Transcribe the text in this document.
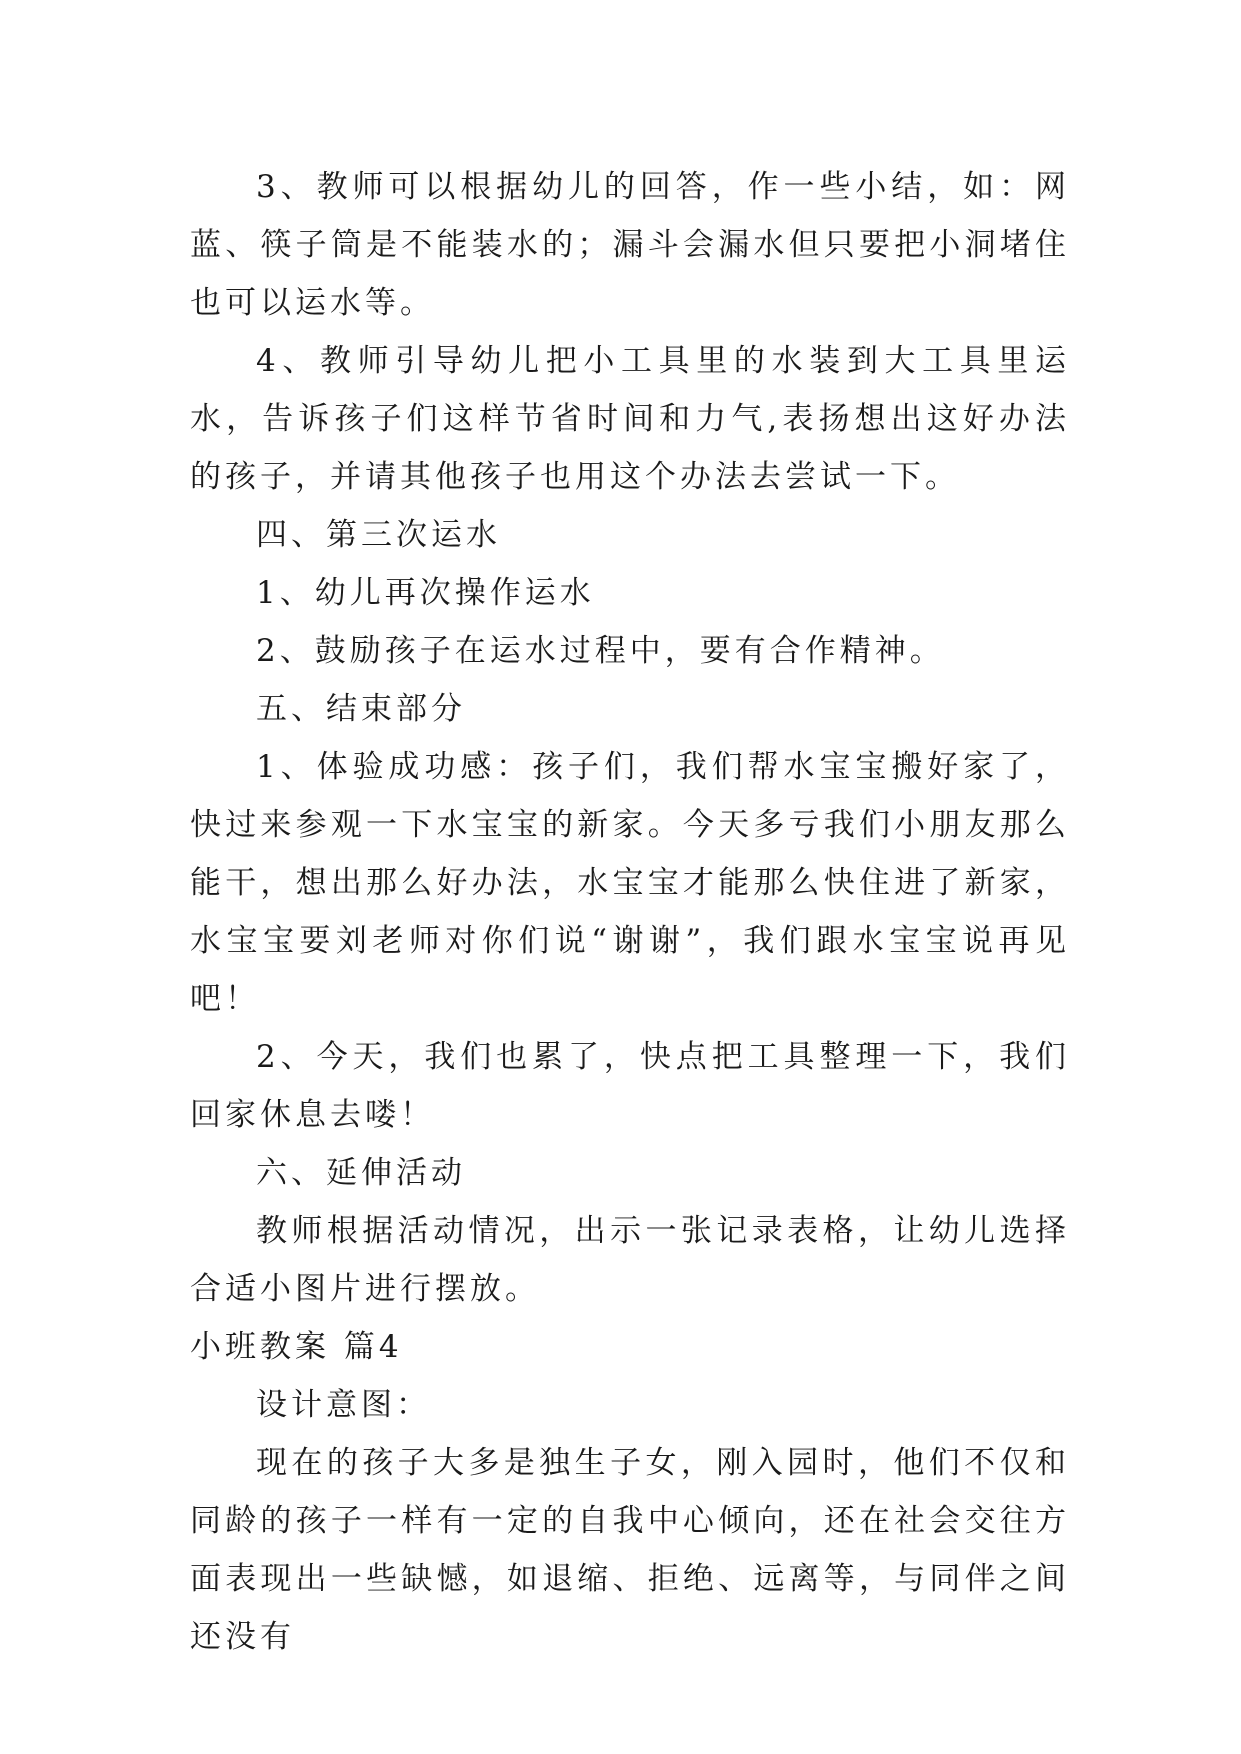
3、教师可以根据幼儿的回答，作一些小结，如：网蓝、筷子筒是不能装水的；漏斗会漏水但只要把小洞堵住也可以运水等。

4、教师引导幼儿把小工具里的水装到大工具里运水，告诉孩子们这样节省时间和力气,表扬想出这好办法的孩子，并请其他孩子也用这个办法去尝试一下。

四、第三次运水

1、幼儿再次操作运水

2、鼓励孩子在运水过程中，要有合作精神。

五、结束部分

1、体验成功感：孩子们，我们帮水宝宝搬好家了，快过来参观一下水宝宝的新家。今天多亏我们小朋友那么能干，想出那么好办法，水宝宝才能那么快住进了新家，水宝宝要刘老师对你们说“谢谢”，我们跟水宝宝说再见吧！

2、今天，我们也累了，快点把工具整理一下，我们回家休息去喽！

六、延伸活动

教师根据活动情况，出示一张记录表格，让幼儿选择合适小图片进行摆放。

小班教案 篇4

设计意图：

现在的孩子大多是独生子女，刚入园时，他们不仅和同龄的孩子一样有一定的自我中心倾向，还在社会交往方面表现出一些缺憾，如退缩、拒绝、远离等，与同伴之间还没有
